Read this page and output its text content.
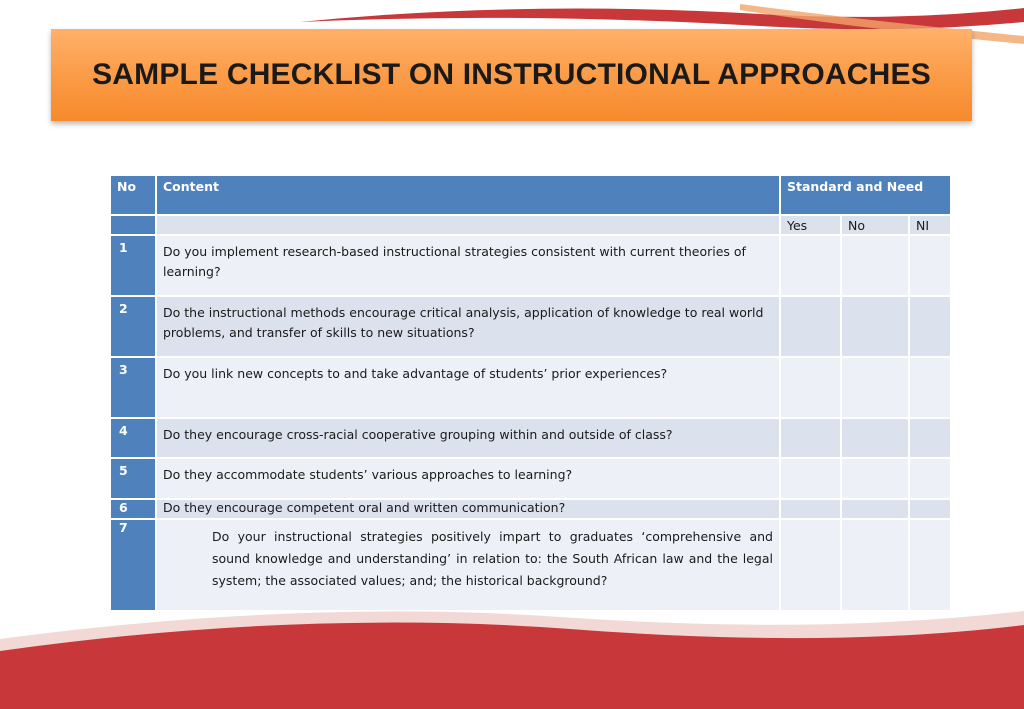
SAMPLE CHECKLIST ON INSTRUCTIONAL APPROACHES
No	Content	Standard and Need		
		Yes	No	NI
1	Do you implement research-based instructional strategies consistent with current theories of learning?			
2	Do the instructional methods encourage critical analysis, application of knowledge to real world problems, and transfer of skills to new situations?			
3	Do you link new concepts to and take advantage of students’ prior experiences?			
4	Do they encourage cross-racial cooperative grouping within and outside of class?			
5	Do they accommodate students’ various approaches to learning?			
6	Do they encourage competent oral and written communication?			
7	Do your instructional strategies positively impart to graduates ‘comprehensive and sound knowledge and understanding’ in relation to: the South African law and the legal system; the associated values; and; the historical background?			
